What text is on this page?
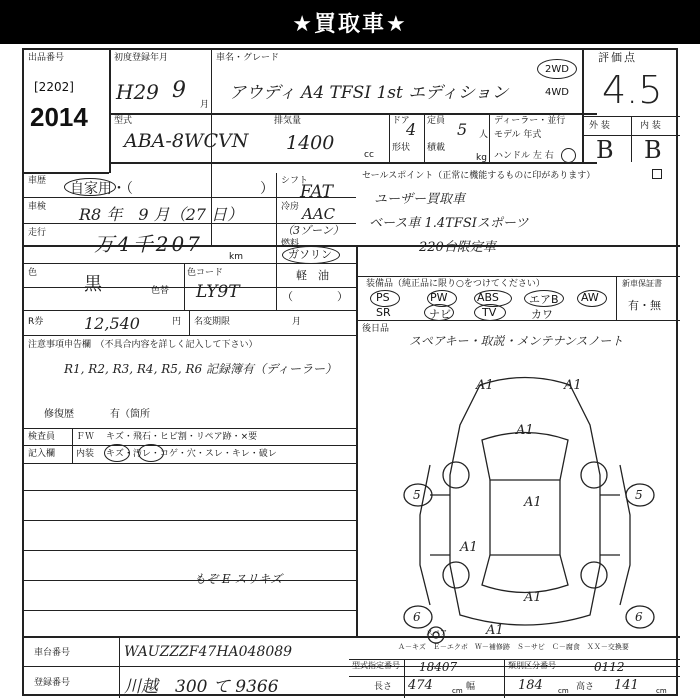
★買取車★
出品番号
[2202]
2014
初度登録年月
H29 9
月
車名・グレード
アウディ A4 TFSI 1st エディション
2WD
4WD
評価点
4.5
外 装	内 装
B B
型式
ABA-8WCVN
排気量
1400
cc
ドア
4 定員 5 人
形状 積載
kg
ディーラー・並行
モデル 年式
ハンドル 左 右
車歴 自家用・（	） シフト
FAT
車検 R8 年　9 月（27 日）	冷房 AAC
（3ゾーン）
走行 万4千207
km
燃料
ガソリン
軽　油
（　　　　）
色
黒	色替
色コード
LY9T
R券	12,540	円 名変期限	月
注意事項申告欄　（不具合内容を詳しく記入して下さい）
R1, R2, R3, R4, R5, R6 記録簿有（ディーラー）
修復歴	有（箇所
検査員 ＦＷ キズ・飛石・ヒビ割・リペア跡・×要
記入欄 内装 キズ・汚レ・コゲ・穴・スレ・キレ・破レ
もぞ E スリキズ
セールスポイント（正常に機能するものに印があります）
ユーザー買取車
ベース車 1.4TFSIスポーツ
220台限定車
装備品（純正品に限り○をつけてください）	新車保証書
有・無
PS	PW	ABS	エアB AW
SR	ナビ	TV	カワ
後日品
スペアキー・取説・メンテナンスノート
A1	A1
A1
A1
A1
A1
5	5
6	6
A1
スペア
Ａ－キズ　Ｅ－エクボ　Ｗ－補修跡　Ｓ－サビ　Ｃ－腐食　ＸＸ－交換要
車台番号	WAUZZZF47HA048089
登録番号	川越　300 て 9366
型式指定番号 18407	類別区分番号	0112
長さ 474	cm 幅	184 cm 高さ 141 cm
